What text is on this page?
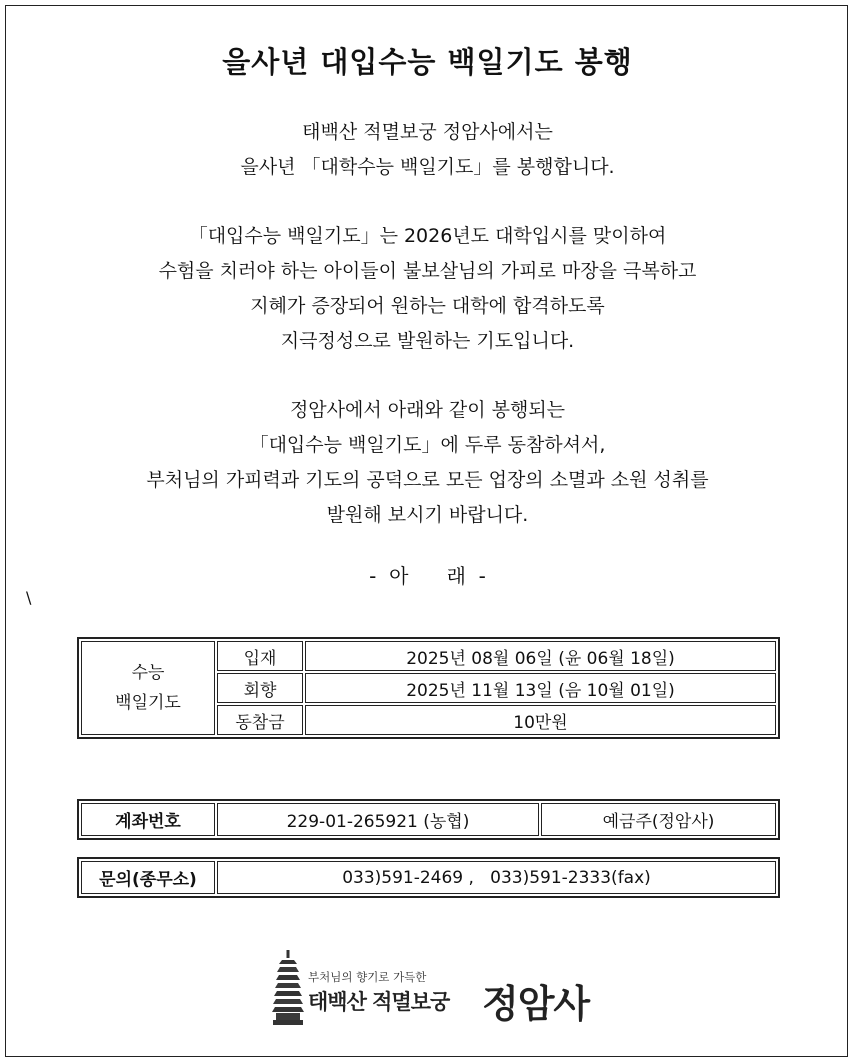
을사년 대입수능 백일기도 봉행
태백산 적멸보궁 정암사에서는
을사년 「대학수능 백일기도」를 봉행합니다.
「대입수능 백일기도」는 2026년도 대학입시를 맞이하여
수험을 치러야 하는 아이들이 불보살님의 가피로 마장을 극복하고
지혜가 증장되어 원하는 대학에 합격하도록
지극정성으로 발원하는 기도입니다.
정암사에서 아래와 같이 봉행되는
「대입수능 백일기도」에 두루 동참하셔서,
부처님의 가피력과 기도의 공덕으로 모든 업장의 소멸과 소원 성취를
발원해 보시기 바랍니다.
-  아      래  -
\
수능
백일기도	입재	2025년 08월 06일 (윤 06월 18일)
	회향	2025년 11월 13일 (음 10월 01일)
	동참금	10만원
계좌번호	229-01-265921 (농협)	예금주(정암사)
문의(종무소)	033)591-2469 ,   033)591-2333(fax)
부처님의 향기로 가득한
태백산 적멸보궁 정암사
